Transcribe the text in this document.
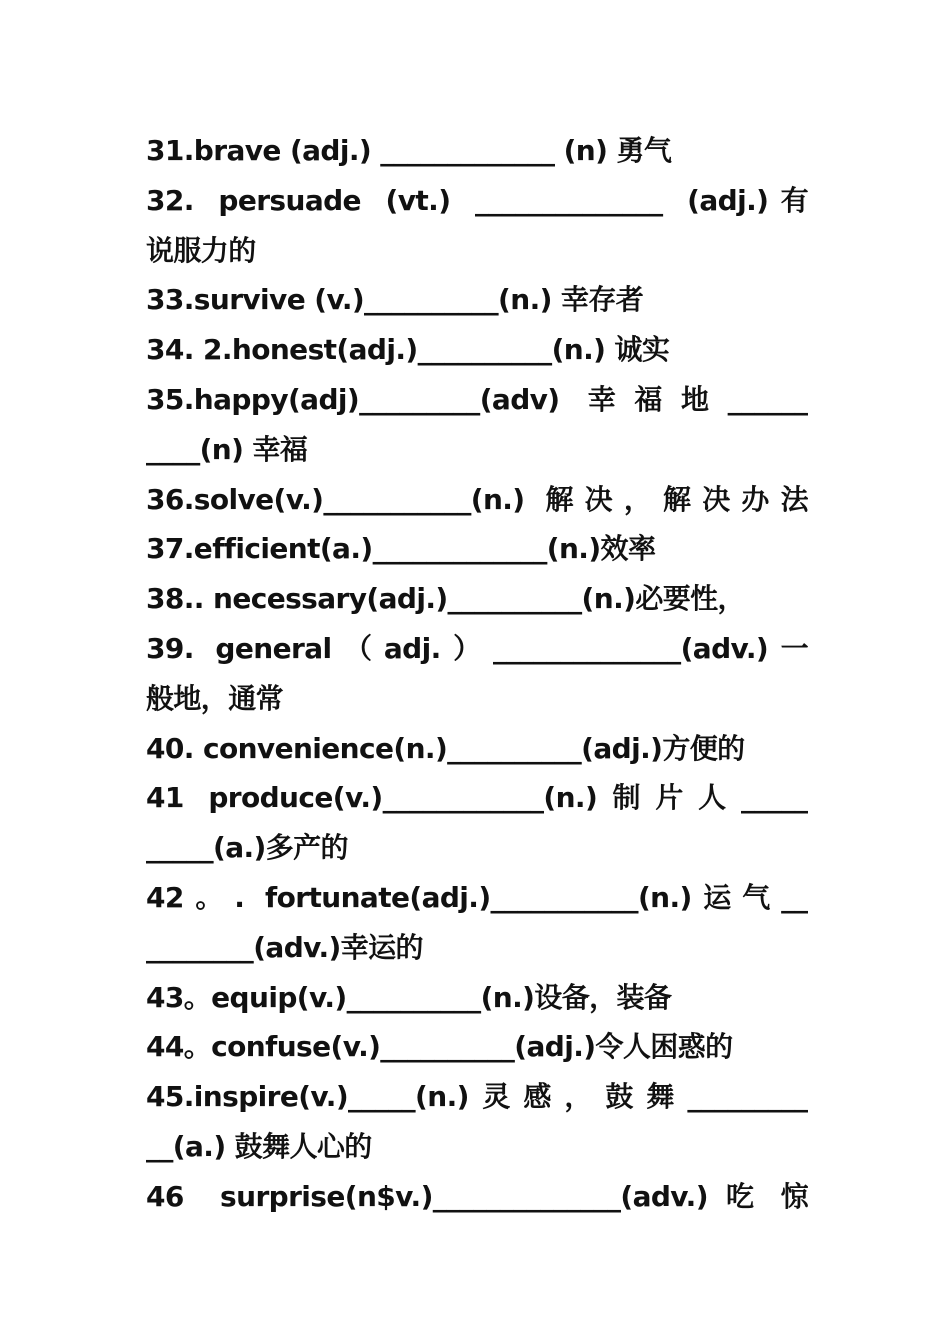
31.brave (adj.) _____________ (n) 勇气
32.  persuade  (vt.)  ______________  (adj.) 有
说服力的
33.survive (v.)__________(n.) 幸存者
34. 2.honest(adj.)__________(n.) 诚实
35.happy(adj)_________(adv) 幸福地______
____(n) 幸福
36.solve(v.)___________(n.) 解决，解决办法
37.efficient(a.)_____________(n.)效率
38.. necessary(adj.)__________(n.)必要性，
39. general（adj.）______________(adv.)一
般地，通常
40. convenience(n.)__________(adj.)方便的
41 produce(v.)____________(n.)制片人_____
_____(a.)多产的
42。. fortunate(adj.)___________(n.)运气__
________(adv.)幸运的
43。equip(v.)__________(n.)设备，装备
44。confuse(v.)__________(adj.)令人困惑的
45.inspire(v.)_____(n.)灵感，鼓舞_________
__(a.) 鼓舞人心的
46  surprise(n$v.)______________(adv.) 吃 惊
